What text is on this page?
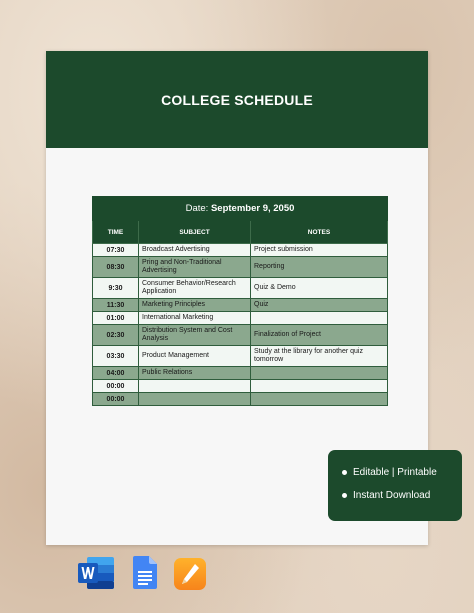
COLLEGE SCHEDULE
Date: September 9, 2050		
TIME	SUBJECT	NOTES
07:30	Broadcast Advertising	Project submission
08:30	Pring and Non-Traditional Advertising	Reporting
9:30	Consumer Behavior/Research Application	Quiz & Demo
11:30	Marketing Principles	Quiz
01:00	International Marketing	
02:30	Distribution System and Cost Analysis	Finalization of Project
03:30	Product Management	Study at the library for another quiz tomorrow
04:00	Public Relations	
00:00		
00:00		
Editable | Printable
Instant Download
